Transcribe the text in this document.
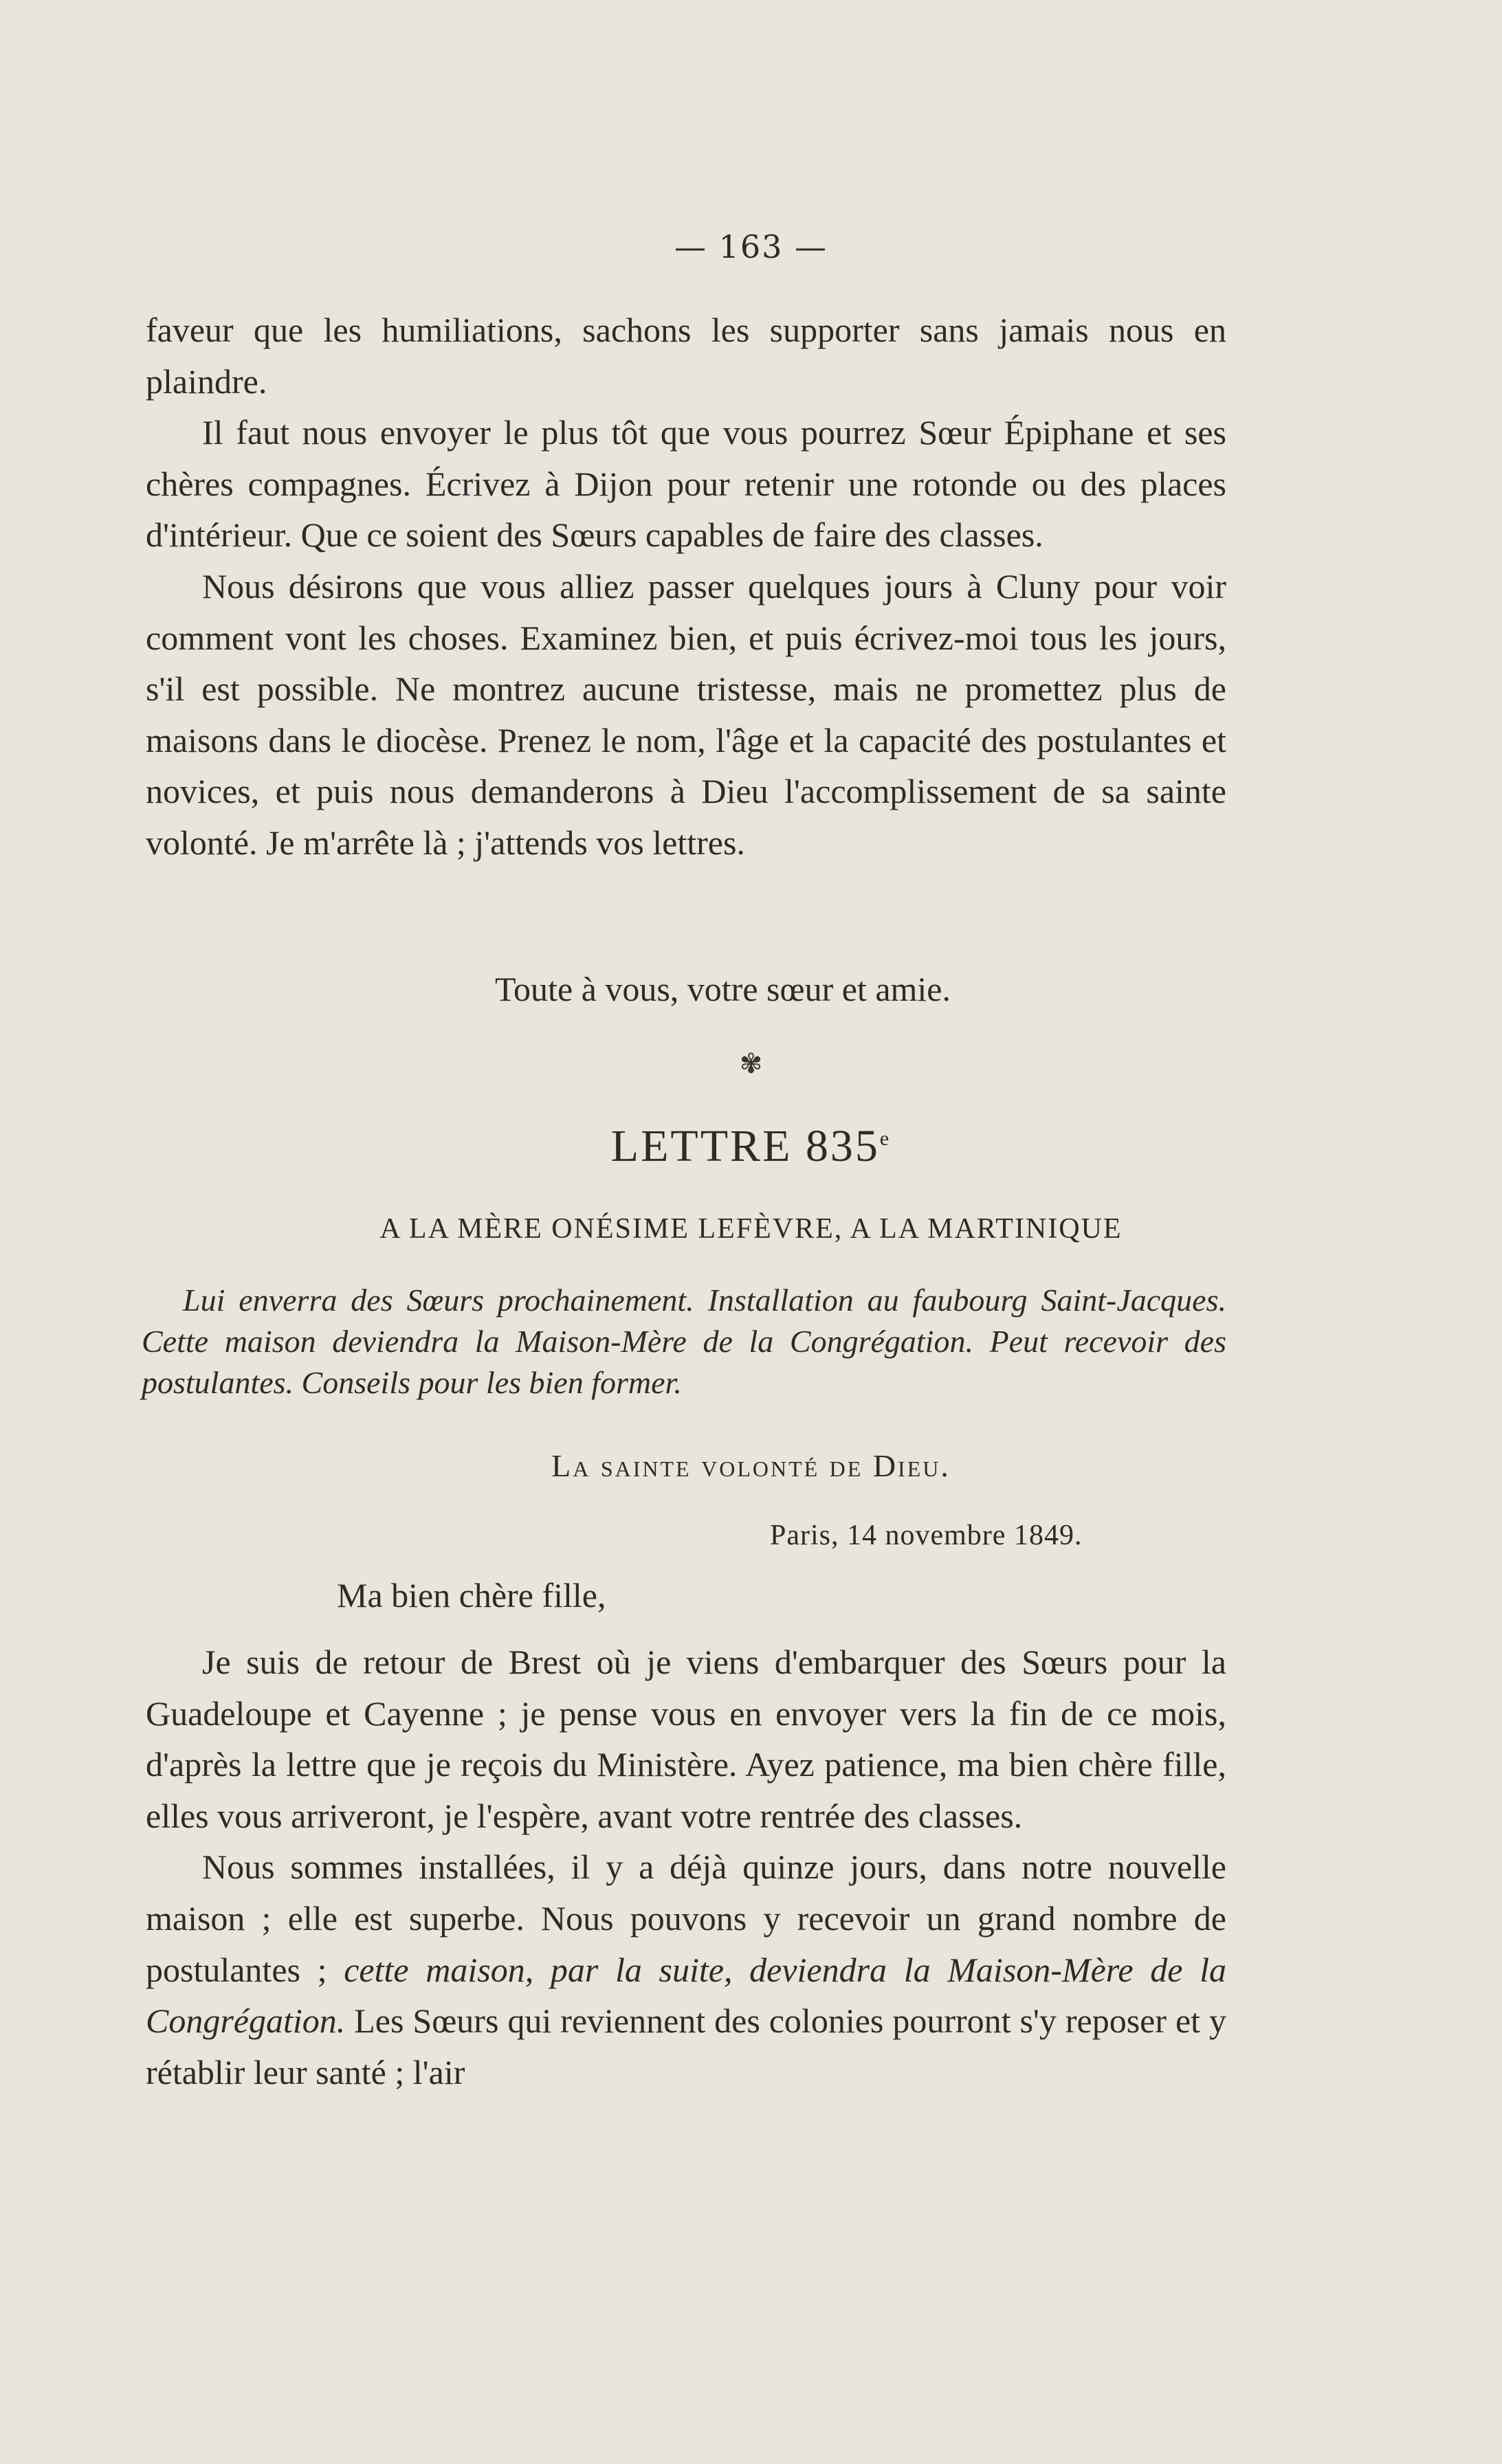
— 163 —

faveur que les humiliations, sachons les supporter sans jamais nous en plaindre.

Il faut nous envoyer le plus tôt que vous pourrez Sœur Épiphane et ses chères compagnes. Écrivez à Dijon pour retenir une rotonde ou des places d'intérieur. Que ce soient des Sœurs capables de faire des classes.

Nous désirons que vous alliez passer quelques jours à Cluny pour voir comment vont les choses. Examinez bien, et puis écrivez-moi tous les jours, s'il est possible. Ne montrez aucune tristesse, mais ne promettez plus de maisons dans le diocèse. Prenez le nom, l'âge et la capacité des postulantes et novices, et puis nous demanderons à Dieu l'accomplissement de sa sainte volonté. Je m'arrête là ; j'attends vos lettres.

Toute à vous, votre sœur et amie.
✾
LETTRE 835e
A LA MÈRE ONÉSIME LEFÈVRE, A LA MARTINIQUE
Lui enverra des Sœurs prochainement. Installation au faubourg Saint-Jacques. Cette maison deviendra la Maison-Mère de la Congrégation. Peut recevoir des postulantes. Conseils pour les bien former.
La sainte volonté de Dieu.
Paris, 14 novembre 1849.
Ma bien chère fille,

Je suis de retour de Brest où je viens d'embarquer des Sœurs pour la Guadeloupe et Cayenne ; je pense vous en envoyer vers la fin de ce mois, d'après la lettre que je reçois du Ministère. Ayez patience, ma bien chère fille, elles vous arriveront, je l'espère, avant votre rentrée des classes.

Nous sommes installées, il y a déjà quinze jours, dans notre nouvelle maison ; elle est superbe. Nous pouvons y recevoir un grand nombre de postulantes ; cette maison, par la suite, deviendra la Maison-Mère de la Congrégation. Les Sœurs qui reviennent des colonies pourront s'y reposer et y rétablir leur santé ; l'air
